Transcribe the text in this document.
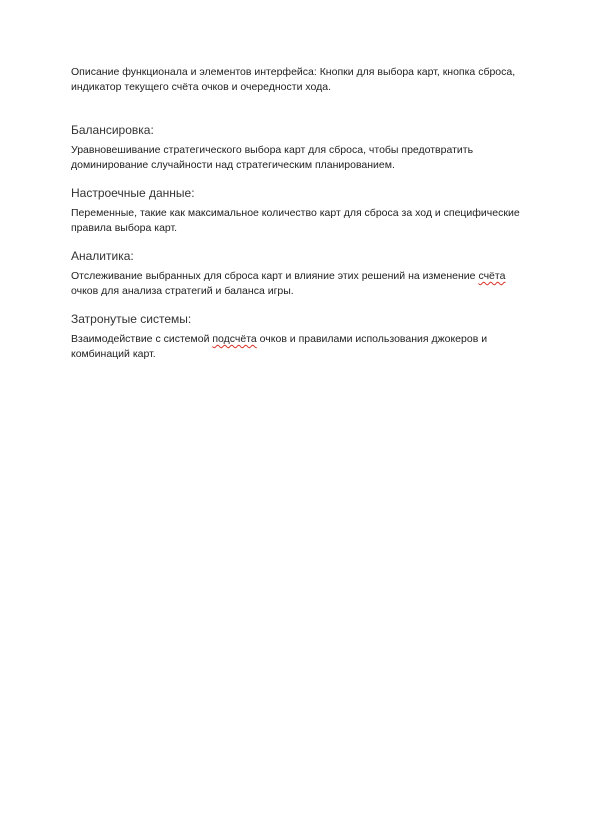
Описание функционала и элементов интерфейса: Кнопки для выбора карт, кнопка сброса, индикатор текущего счёта очков и очередности хода.

Балансировка:

Уравновешивание стратегического выбора карт для сброса, чтобы предотвратить доминирование случайности над стратегическим планированием.

Настроечные данные:

Переменные, такие как максимальное количество карт для сброса за ход и специфические правила выбора карт.

Аналитика:

Отслеживание выбранных для сброса карт и влияние этих решений на изменение счёта очков для анализа стратегий и баланса игры.

Затронутые системы:

Взаимодействие с системой подсчёта очков и правилами использования джокеров и комбинаций карт.
